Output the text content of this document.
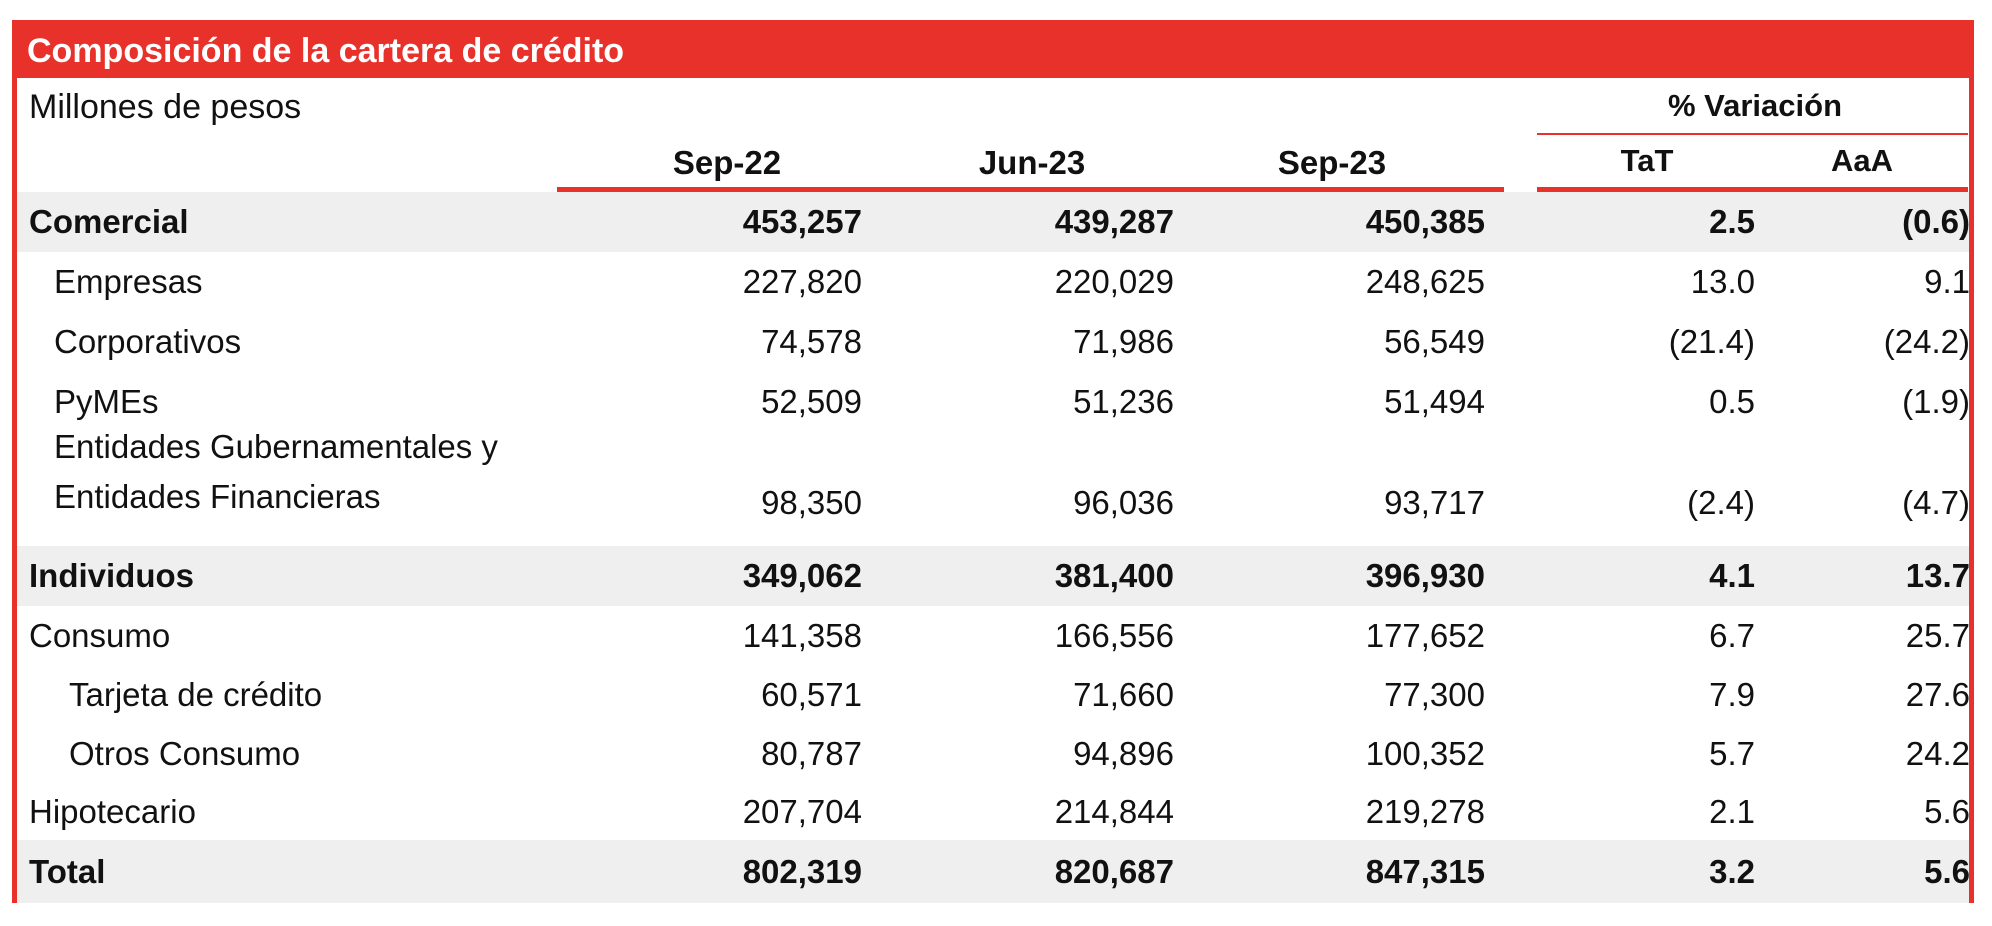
Composición de la cartera de crédito
Millones de pesos	% Variación
Sep-22	Jun-23	Sep-23	TaT	AaA
Comercial	453,257	439,287	450,385	2.5	(0.6)
Empresas	227,820	220,029	248,625	13.0	9.1
Corporativos	74,578	71,986	56,549	(21.4)	(24.2)
PyMEs	52,509	51,236	51,494	0.5	(1.9)
Entidades Gubernamentales y Entidades Financieras	98,350	96,036	93,717	(2.4)	(4.7)
Individuos	349,062	381,400	396,930	4.1	13.7
Consumo	141,358	166,556	177,652	6.7	25.7
Tarjeta de crédito	60,571	71,660	77,300	7.9	27.6
Otros Consumo	80,787	94,896	100,352	5.7	24.2
Hipotecario	207,704	214,844	219,278	2.1	5.6
Total	802,319	820,687	847,315	3.2	5.6
